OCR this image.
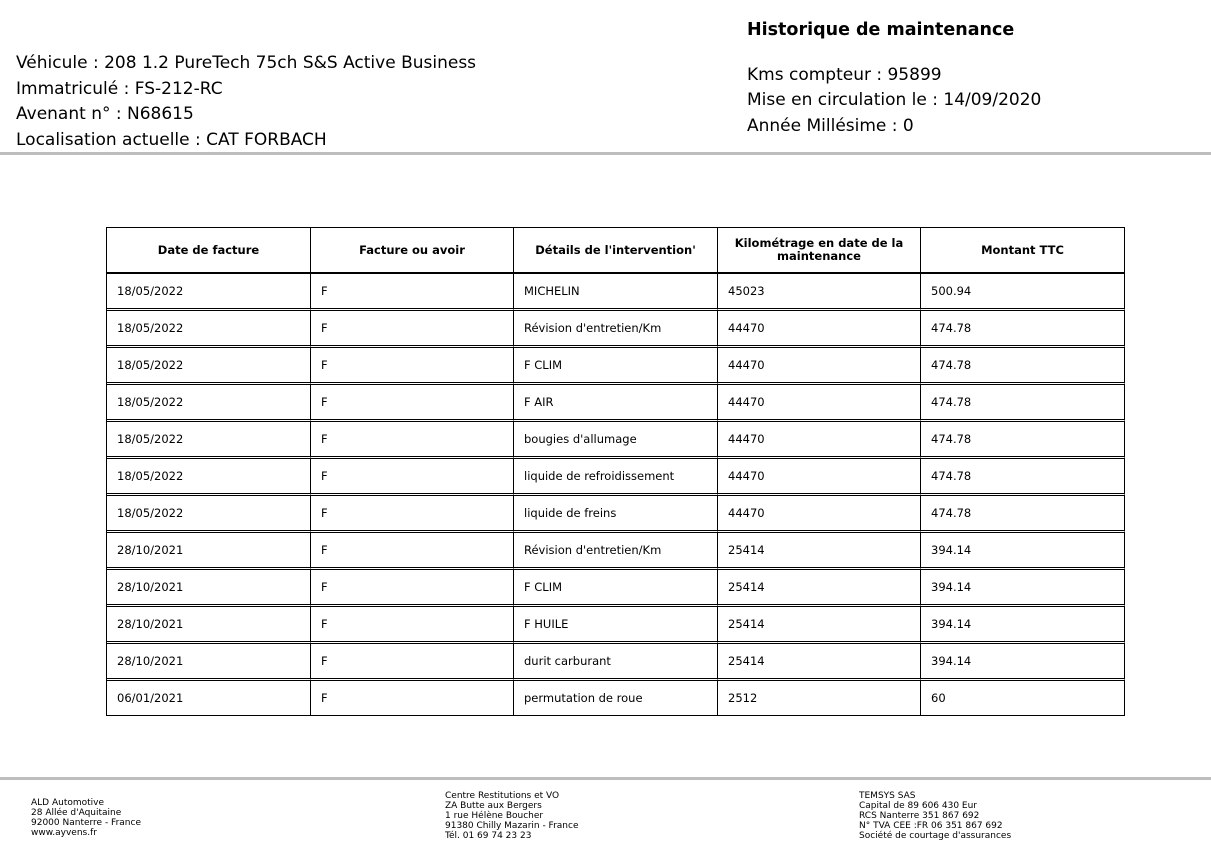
Véhicule : 208 1.2 PureTech 75ch S&S Active Business
Immatriculé : FS-212-RC
Avenant n° : N68615
Localisation actuelle : CAT FORBACH
Historique de maintenance
Kms compteur : 95899
Mise en circulation le : 14/09/2020
Année Millésime : 0
Date de facture	Facture ou avoir	Détails de l'intervention'	Kilométrage en date de la maintenance	Montant TTC
18/05/2022	F	MICHELIN	45023	500.94
18/05/2022	F	Révision d'entretien/Km	44470	474.78
18/05/2022	F	F CLIM	44470	474.78
18/05/2022	F	F AIR	44470	474.78
18/05/2022	F	bougies d'allumage	44470	474.78
18/05/2022	F	liquide de refroidissement	44470	474.78
18/05/2022	F	liquide de freins	44470	474.78
28/10/2021	F	Révision d'entretien/Km	25414	394.14
28/10/2021	F	F CLIM	25414	394.14
28/10/2021	F	F HUILE	25414	394.14
28/10/2021	F	durit carburant	25414	394.14
06/01/2021	F	permutation de roue	2512	60
ALD Automotive
28 Allée d'Aquitaine
92000 Nanterre - France
www.ayvens.fr
Centre Restitutions et VO
ZA Butte aux Bergers
1 rue Hélène Boucher
91380 Chilly Mazarin - France
Tél. 01 69 74 23 23
TEMSYS SAS
Capital de 89 606 430 Eur
RCS Nanterre 351 867 692
N° TVA CEE :FR 06 351 867 692
Société de courtage d'assurances
